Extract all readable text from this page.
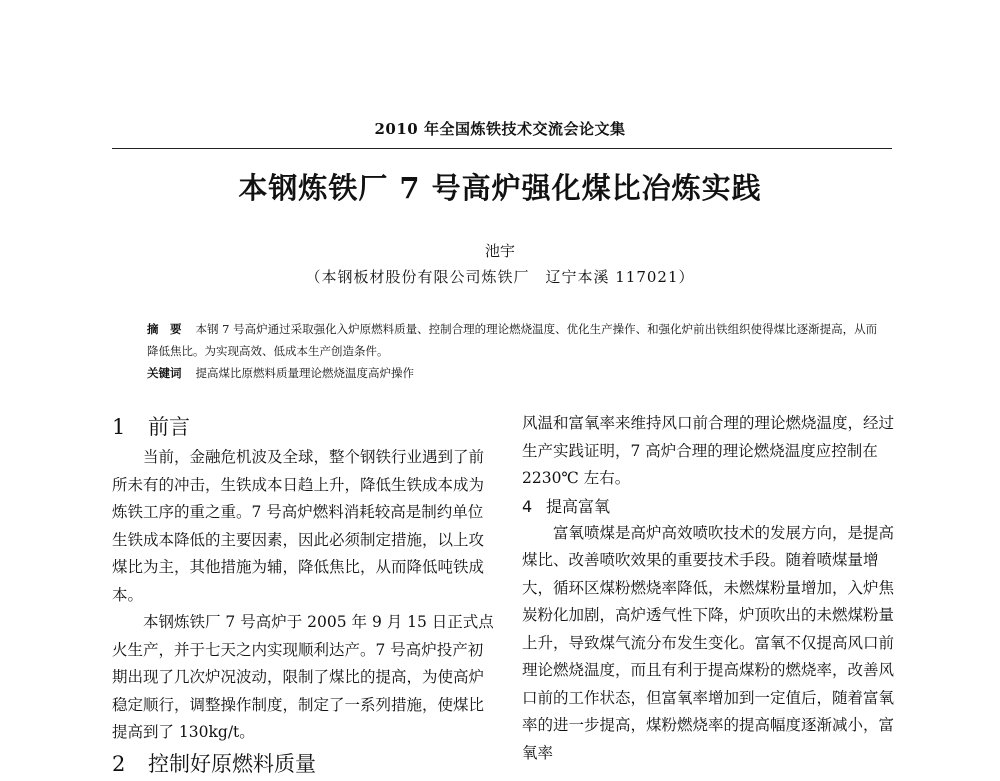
2010 年全国炼铁技术交流会论文集
本钢炼铁厂 7 号高炉强化煤比冶炼实践
池宇
（本钢板材股份有限公司炼铁厂　辽宁本溪 117021）
摘　要 本钢 7 号高炉通过采取强化入炉原燃料质量、控制合理的理论燃烧温度、优化生产操作、和强化炉前出铁组织使得煤比逐渐提高，从而降低焦比。为实现高效、低成本生产创造条件。
关键词 提高煤比原燃料质量理论燃烧温度高炉操作

1 前言

当前，金融危机波及全球，整个钢铁行业遇到了前所未有的冲击，生铁成本日趋上升，降低生铁成本成为炼铁工序的重之重。7 号高炉燃料消耗较高是制约单位生铁成本降低的主要因素，因此必须制定措施，以上攻煤比为主，其他措施为辅，降低焦比，从而降低吨铁成本。

本钢炼铁厂 7 号高炉于 2005 年 9 月 15 日正式点火生产，并于七天之内实现顺利达产。7 号高炉投产初期出现了几次炉况波动，限制了煤比的提高，为使高炉稳定顺行，调整操作制度，制定了一系列措施，使煤比提高到了 130kg/t。

2 控制好原燃料质量

风温和富氧率来维持风口前合理的理论燃烧温度，经过生产实践证明，7 高炉合理的理论燃烧温度应控制在 2230℃ 左右。

4 提高富氧

富氧喷煤是高炉高效喷吹技术的发展方向，是提高煤比、改善喷吹效果的重要技术手段。随着喷煤量增大，循环区煤粉燃烧率降低，未燃煤粉量增加，入炉焦炭粉化加剧，高炉透气性下降，炉顶吹出的未燃煤粉量上升，导致煤气流分布发生变化。富氧不仅提高风口前理论燃烧温度，而且有利于提高煤粉的燃烧率，改善风口前的工作状态，但富氧率增加到一定值后，随着富氧率的进一步提高，煤粉燃烧率的提高幅度逐渐减小，富氧率
